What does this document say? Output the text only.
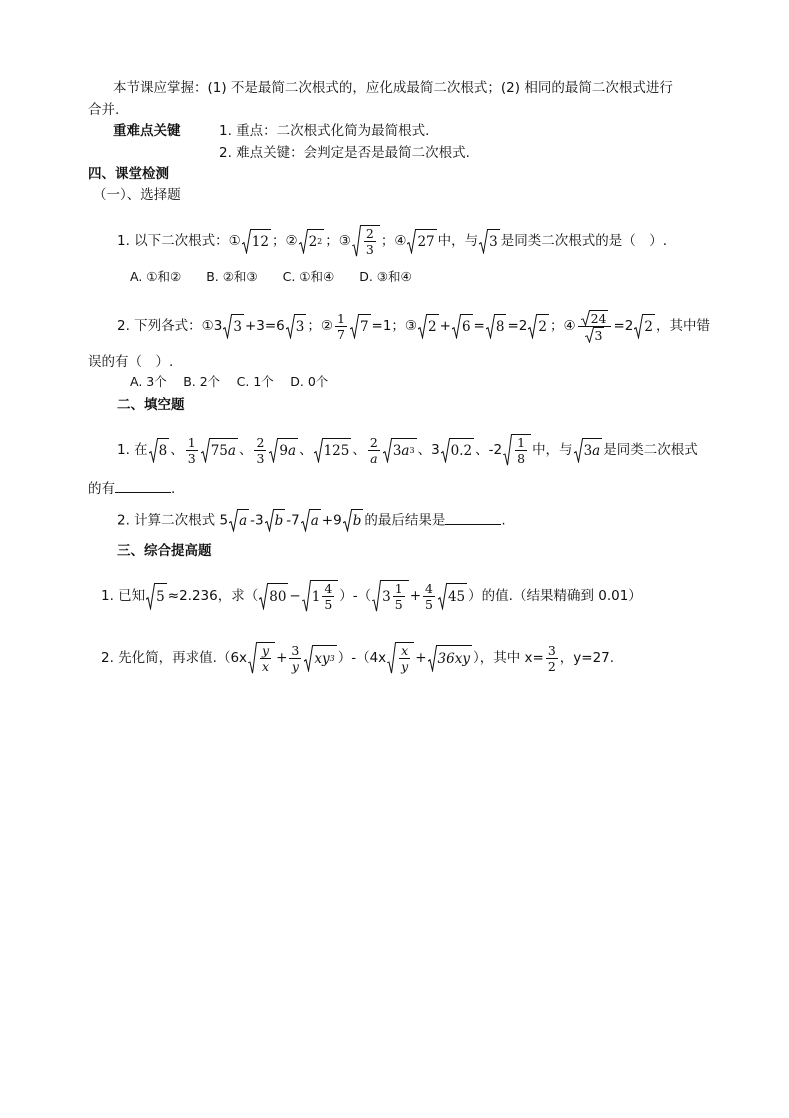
本节课应掌握：(1) 不是最简二次根式的，应化成最简二次根式；(2) 相同的最简二次根式进行
合并.
重难点关键	1. 重点：二次根式化简为最简根式.
2. 难点关键：会判定是否是最简二次根式.
四、课堂检测
（一）、选择题
1. 以下二次根式：① 12 ；② 2 2 ；③ $\frac{2}{3}$ ；④ 27 中，与 3 是同类二次根式的是（　）.
A. ①和②　　B. ②和③　　C. ①和④　　D. ③和④
2. 下列各式：①3 3 +3=6 3 ；② $\frac{1}{7} 7 =1$；③ 2 + 6 = 8 =2 2 ；④ $\frac{24}{3} =2$ 2 ，其中错
误的有（　）.
A. 3个　 B. 2个　 C. 1个　 D. 0个
二、填空题
1. 在 8 、 $\frac{1}{3} 75$ a 、 $\frac{2}{3} 9$ a 、 125 、 $\frac{2}{a} 3$ a 3 、3 0.2 、$-2 \frac{1}{8}$ 中，与 3 a 是同类二次根式
的有	.
2. 计算二次根式 5 a -3 b -7 a +9 b 的最后结果是	.
三、综合提高题
1. 已知 5 ≈2.236，求（ $80 - 1 \frac{4}{5}$ ）-（ $3 \frac{1}{5} + \frac{4}{5} 45$ ）的值.（结果精确到 0.01）
2. 先化简，再求值$.(6x \frac{y}{x} + \frac{3}{y}$ xy 3 ）$-(4x \frac{x}{y} + 36xy$ ），其中 $x= \frac{3}{2}$ ，y=27.
